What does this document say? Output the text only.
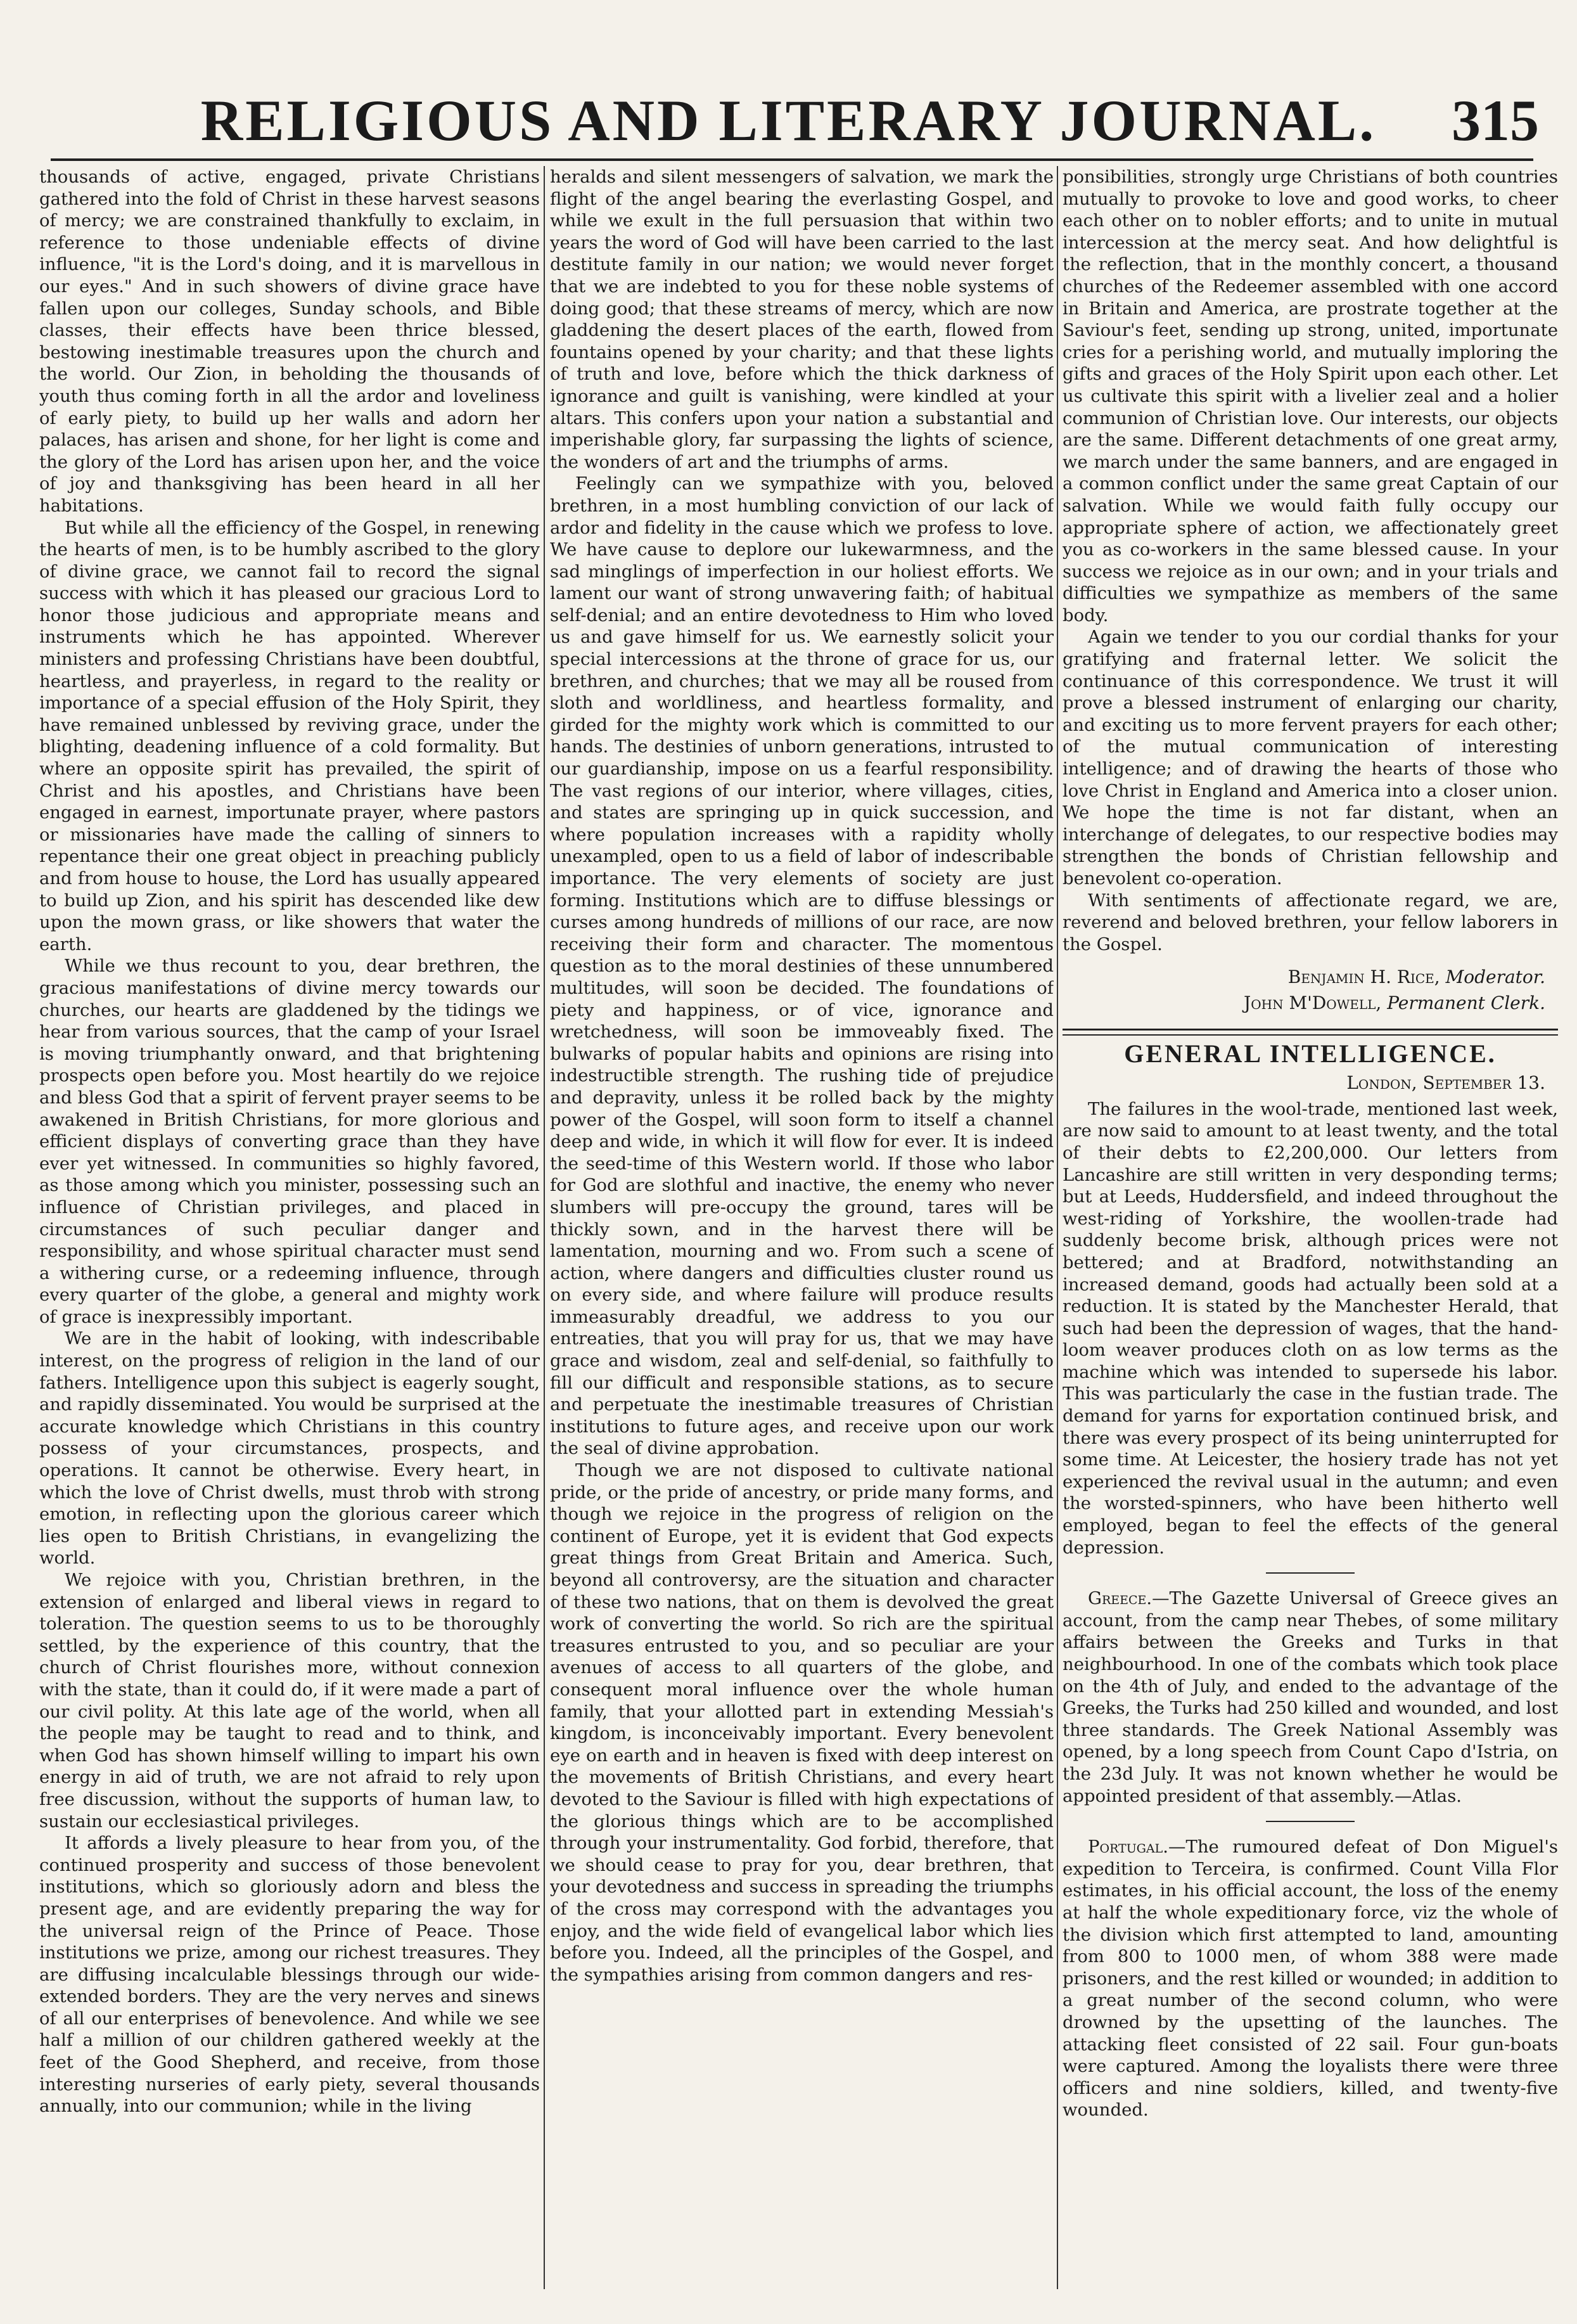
RELIGIOUS AND LITERARY JOURNAL.	315

thousands of active, engaged, private Christians gathered into the fold of Christ in these harvest seasons of mercy; we are constrained thankfully to exclaim, in reference to those undeniable effects of divine influence, "it is the Lord's doing, and it is marvellous in our eyes." And in such showers of divine grace have fallen upon our colleges, Sunday schools, and Bible classes, their effects have been thrice blessed, bestowing inestimable treasures upon the church and the world. Our Zion, in beholding the thousands of youth thus coming forth in all the ardor and loveliness of early piety, to build up her walls and adorn her palaces, has arisen and shone, for her light is come and the glory of the Lord has arisen upon her, and the voice of joy and thanksgiving has been heard in all her habitations.

But while all the efficiency of the Gospel, in renewing the hearts of men, is to be humbly ascribed to the glory of divine grace, we cannot fail to record the signal success with which it has pleased our gracious Lord to honor those judicious and appropriate means and instruments which he has appointed. Wherever ministers and professing Christians have been doubtful, heartless, and prayerless, in regard to the reality or importance of a special effusion of the Holy Spirit, they have remained unblessed by reviving grace, under the blighting, deadening influence of a cold formality. But where an opposite spirit has prevailed, the spirit of Christ and his apostles, and Christians have been engaged in earnest, importunate prayer, where pastors or missionaries have made the calling of sinners to repentance their one great object in preaching publicly and from house to house, the Lord has usually appeared to build up Zion, and his spirit has descended like dew upon the mown grass, or like showers that water the earth.

While we thus recount to you, dear brethren, the gracious manifestations of divine mercy towards our churches, our hearts are gladdened by the tidings we hear from various sources, that the camp of your Israel is moving triumphantly onward, and that brightening prospects open before you. Most heartily do we rejoice and bless God that a spirit of fervent prayer seems to be awakened in British Christians, for more glorious and efficient displays of converting grace than they have ever yet witnessed. In communities so highly favored, as those among which you minister, possessing such an influence of Christian privileges, and placed in circumstances of such peculiar danger and responsibility, and whose spiritual character must send a withering curse, or a redeeming influence, through every quarter of the globe, a general and mighty work of grace is inexpressibly important.

We are in the habit of looking, with indescribable interest, on the progress of religion in the land of our fathers. Intelligence upon this subject is eagerly sought, and rapidly disseminated. You would be surprised at the accurate knowledge which Christians in this country possess of your circumstances, prospects, and operations. It cannot be otherwise. Every heart, in which the love of Christ dwells, must throb with strong emotion, in reflecting upon the glorious career which lies open to British Christians, in evangelizing the world.

We rejoice with you, Christian brethren, in the extension of enlarged and liberal views in regard to toleration. The question seems to us to be thoroughly settled, by the experience of this country, that the church of Christ flourishes more, without connexion with the state, than it could do, if it were made a part of our civil polity. At this late age of the world, when all the people may be taught to read and to think, and when God has shown himself willing to impart his own energy in aid of truth, we are not afraid to rely upon free discussion, without the supports of human law, to sustain our ecclesiastical privileges.

It affords a lively pleasure to hear from you, of the continued prosperity and success of those benevolent institutions, which so gloriously adorn and bless the present age, and are evidently preparing the way for the universal reign of the Prince of Peace. Those institutions we prize, among our richest treasures. They are diffusing incalculable blessings through our wide-extended borders. They are the very nerves and sinews of all our enterprises of benevolence. And while we see half a million of our children gathered weekly at the feet of the Good Shepherd, and receive, from those interesting nurseries of early piety, several thousands annually, into our communion; while in the living

heralds and silent messengers of salvation, we mark the flight of the angel bearing the everlasting Gospel, and while we exult in the full persuasion that within two years the word of God will have been carried to the last destitute family in our nation; we would never forget that we are indebted to you for these noble systems of doing good; that these streams of mercy, which are now gladdening the desert places of the earth, flowed from fountains opened by your charity; and that these lights of truth and love, before which the thick darkness of ignorance and guilt is vanishing, were kindled at your altars. This confers upon your nation a substantial and imperishable glory, far surpassing the lights of science, the wonders of art and the triumphs of arms.

Feelingly can we sympathize with you, beloved brethren, in a most humbling conviction of our lack of ardor and fidelity in the cause which we profess to love. We have cause to deplore our lukewarmness, and the sad minglings of imperfection in our holiest efforts. We lament our want of strong unwavering faith; of habitual self-denial; and an entire devotedness to Him who loved us and gave himself for us. We earnestly solicit your special intercessions at the throne of grace for us, our brethren, and churches; that we may all be roused from sloth and worldliness, and heartless formality, and girded for the mighty work which is committed to our hands. The destinies of unborn generations, intrusted to our guardianship, impose on us a fearful responsibility. The vast regions of our interior, where villages, cities, and states are springing up in quick succession, and where population increases with a rapidity wholly unexampled, open to us a field of labor of indescribable importance. The very elements of society are just forming. Institutions which are to diffuse blessings or curses among hundreds of millions of our race, are now receiving their form and character. The momentous question as to the moral destinies of these unnumbered multitudes, will soon be decided. The foundations of piety and happiness, or of vice, ignorance and wretchedness, will soon be immoveably fixed. The bulwarks of popular habits and opinions are rising into indestructible strength. The rushing tide of prejudice and depravity, unless it be rolled back by the mighty power of the Gospel, will soon form to itself a channel deep and wide, in which it will flow for ever. It is indeed the seed-time of this Western world. If those who labor for God are slothful and inactive, the enemy who never slumbers will pre-occupy the ground, tares will be thickly sown, and in the harvest there will be lamentation, mourning and wo. From such a scene of action, where dangers and difficulties cluster round us on every side, and where failure will produce results immeasurably dreadful, we address to you our entreaties, that you will pray for us, that we may have grace and wisdom, zeal and self-denial, so faithfully to fill our difficult and responsible stations, as to secure and perpetuate the inestimable treasures of Christian institutions to future ages, and receive upon our work the seal of divine approbation.

Though we are not disposed to cultivate national pride, or the pride of ancestry, or pride many forms, and though we rejoice in the progress of religion on the continent of Europe, yet it is evident that God expects great things from Great Britain and America. Such, beyond all controversy, are the situation and character of these two nations, that on them is devolved the great work of converting the world. So rich are the spiritual treasures entrusted to you, and so peculiar are your avenues of access to all quarters of the globe, and consequent moral influence over the whole human family, that your allotted part in extending Messiah's kingdom, is inconceivably important. Every benevolent eye on earth and in heaven is fixed with deep interest on the movements of British Christians, and every heart devoted to the Saviour is filled with high expectations of the glorious things which are to be accomplished through your instrumentality. God forbid, therefore, that we should cease to pray for you, dear brethren, that your devotedness and success in spreading the triumphs of the cross may correspond with the advantages you enjoy, and the wide field of evangelical labor which lies before you. Indeed, all the principles of the Gospel, and the sympathies arising from common dangers and res-

ponsibilities, strongly urge Christians of both countries mutually to provoke to love and good works, to cheer each other on to nobler efforts; and to unite in mutual intercession at the mercy seat. And how delightful is the reflection, that in the monthly concert, a thousand churches of the Redeemer assembled with one accord in Britain and America, are prostrate together at the Saviour's feet, sending up strong, united, importunate cries for a perishing world, and mutually imploring the gifts and graces of the Holy Spirit upon each other. Let us cultivate this spirit with a livelier zeal and a holier communion of Christian love. Our interests, our objects are the same. Different detachments of one great army, we march under the same banners, and are engaged in a common conflict under the same great Captain of our salvation. While we would faith fully occupy our appropriate sphere of action, we affectionately greet you as co-workers in the same blessed cause. In your success we rejoice as in our own; and in your trials and difficulties we sympathize as members of the same body.

Again we tender to you our cordial thanks for your gratifying and fraternal letter. We solicit the continuance of this correspondence. We trust it will prove a blessed instrument of enlarging our charity, and exciting us to more fervent prayers for each other; of the mutual communication of interesting intelligence; and of drawing the hearts of those who love Christ in England and America into a closer union. We hope the time is not far distant, when an interchange of delegates, to our respective bodies may strengthen the bonds of Christian fellowship and benevolent co-operation.

With sentiments of affectionate regard, we are, reverend and beloved brethren, your fellow laborers in the Gospel.

Benjamin H. Rice, Moderator.
John M'Dowell, Permanent Clerk.
GENERAL INTELLIGENCE.
London, September 13.

The failures in the wool-trade, mentioned last week, are now said to amount to at least twenty, and the total of their debts to £2,200,000. Our letters from Lancashire are still written in very desponding terms; but at Leeds, Huddersfield, and indeed throughout the west-riding of Yorkshire, the woollen-trade had suddenly become brisk, although prices were not bettered; and at Bradford, notwithstanding an increased demand, goods had actually been sold at a reduction. It is stated by the Manchester Herald, that such had been the depression of wages, that the hand-loom weaver produces cloth on as low terms as the machine which was intended to supersede his labor. This was particularly the case in the fustian trade. The demand for yarns for exportation continued brisk, and there was every prospect of its being uninterrupted for some time. At Leicester, the hosiery trade has not yet experienced the revival usual in the autumn; and even the worsted-spinners, who have been hitherto well employed, began to feel the effects of the general depression.

Greece.—The Gazette Universal of Greece gives an account, from the camp near Thebes, of some military affairs between the Greeks and Turks in that neighbourhood. In one of the combats which took place on the 4th of July, and ended to the advantage of the Greeks, the Turks had 250 killed and wounded, and lost three standards. The Greek National Assembly was opened, by a long speech from Count Capo d'Istria, on the 23d July. It was not known whether he would be appointed president of that assembly.—Atlas.

Portugal.—The rumoured defeat of Don Miguel's expedition to Terceira, is confirmed. Count Villa Flor estimates, in his official account, the loss of the enemy at half the whole expeditionary force, viz the whole of the division which first attempted to land, amounting from 800 to 1000 men, of whom 388 were made prisoners, and the rest killed or wounded; in addition to a great number of the second column, who were drowned by the upsetting of the launches. The attacking fleet consisted of 22 sail. Four gun-boats were captured. Among the loyalists there were three officers and nine soldiers, killed, and twenty-five wounded.
